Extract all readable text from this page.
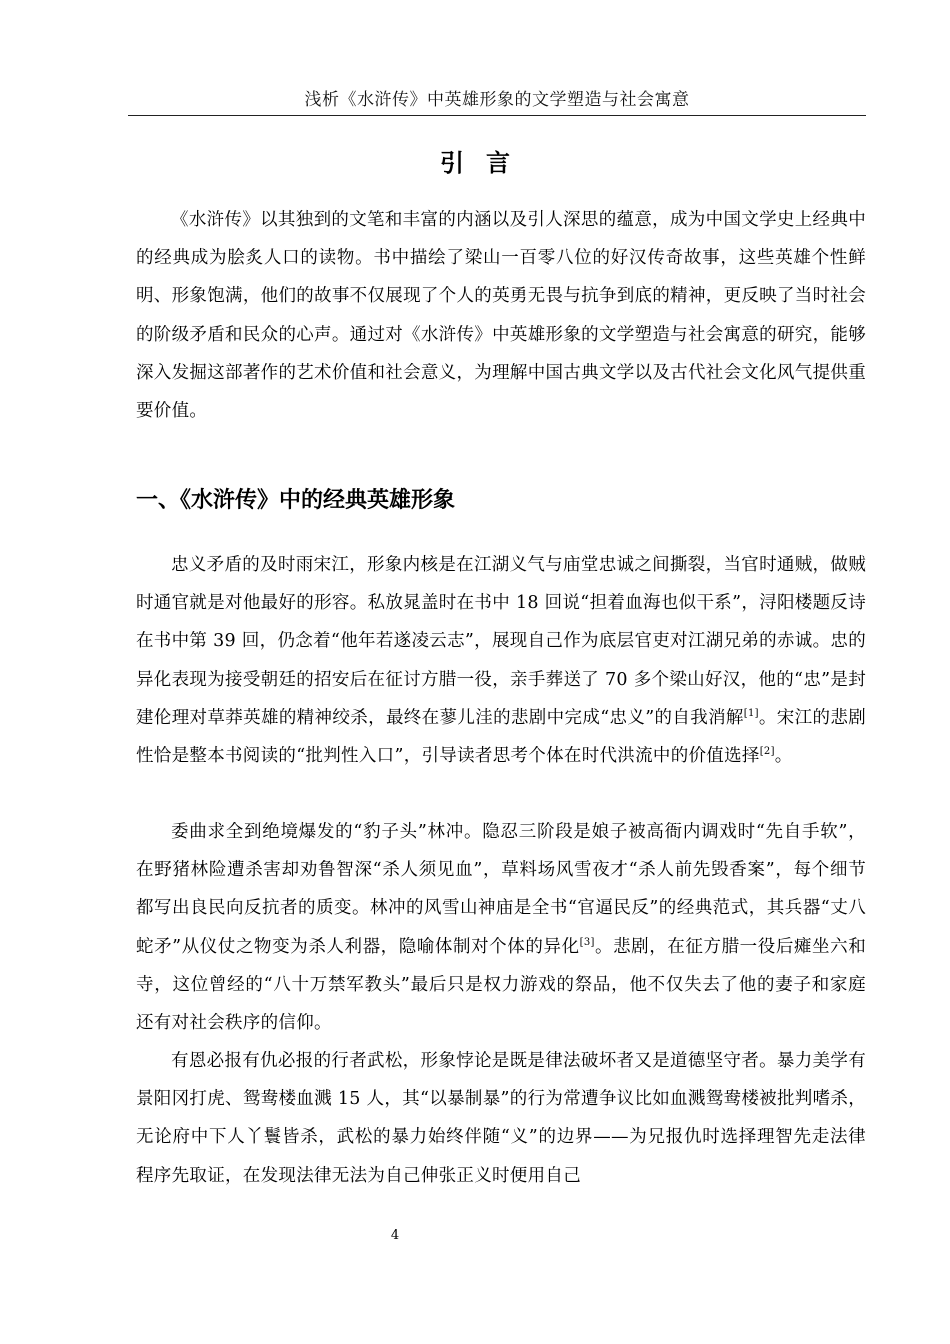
浅析《水浒传》中英雄形象的文学塑造与社会寓意
引言
《水浒传》以其独到的文笔和丰富的内涵以及引人深思的蕴意，成为中国文学史上经典中的经典成为脍炙人口的读物。书中描绘了梁山一百零八位的好汉传奇故事，这些英雄个性鲜明、形象饱满，他们的故事不仅展现了个人的英勇无畏与抗争到底的精神，更反映了当时社会的阶级矛盾和民众的心声。通过对《水浒传》中英雄形象的文学塑造与社会寓意的研究，能够深入发掘这部著作的艺术价值和社会意义，为理解中国古典文学以及古代社会文化风气提供重要价值。
一、《水浒传》中的经典英雄形象
忠义矛盾的及时雨宋江，形象内核是在江湖义气与庙堂忠诚之间撕裂，当官时通贼，做贼时通官就是对他最好的形容。私放晁盖时在书中 18 回说“担着血海也似干系”，浔阳楼题反诗在书中第 39 回，仍念着“他年若遂凌云志”，展现自己作为底层官吏对江湖兄弟的赤诚。忠的异化表现为接受朝廷的招安后在征讨方腊一役，亲手葬送了 70 多个梁山好汉，他的“忠”是封建伦理对草莽英雄的精神绞杀，最终在蓼儿洼的悲剧中完成“忠义”的自我消解[1]。宋江的悲剧性恰是整本书阅读的“批判性入口”，引导读者思考个体在时代洪流中的价值选择[2]。
委曲求全到绝境爆发的“豹子头”林冲。隐忍三阶段是娘子被高衙内调戏时“先自手软”，在野猪林险遭杀害却劝鲁智深“杀人须见血”，草料场风雪夜才“杀人前先毁香案”，每个细节都写出良民向反抗者的质变。林冲的风雪山神庙是全书“官逼民反”的经典范式，其兵器“丈八蛇矛”从仪仗之物变为杀人利器，隐喻体制对个体的异化[3]。悲剧，在征方腊一役后瘫坐六和寺，这位曾经的“八十万禁军教头”最后只是权力游戏的祭品，他不仅失去了他的妻子和家庭还有对社会秩序的信仰。
有恩必报有仇必报的行者武松，形象悖论是既是律法破坏者又是道德坚守者。暴力美学有景阳冈打虎、鸳鸯楼血溅 15 人，其“以暴制暴”的行为常遭争议比如血溅鸳鸯楼被批判嗜杀，无论府中下人丫鬟皆杀，武松的暴力始终伴随“义”的边界——为兄报仇时选择理智先走法律程序先取证，在发现法律无法为自己伸张正义时便用自己
4
